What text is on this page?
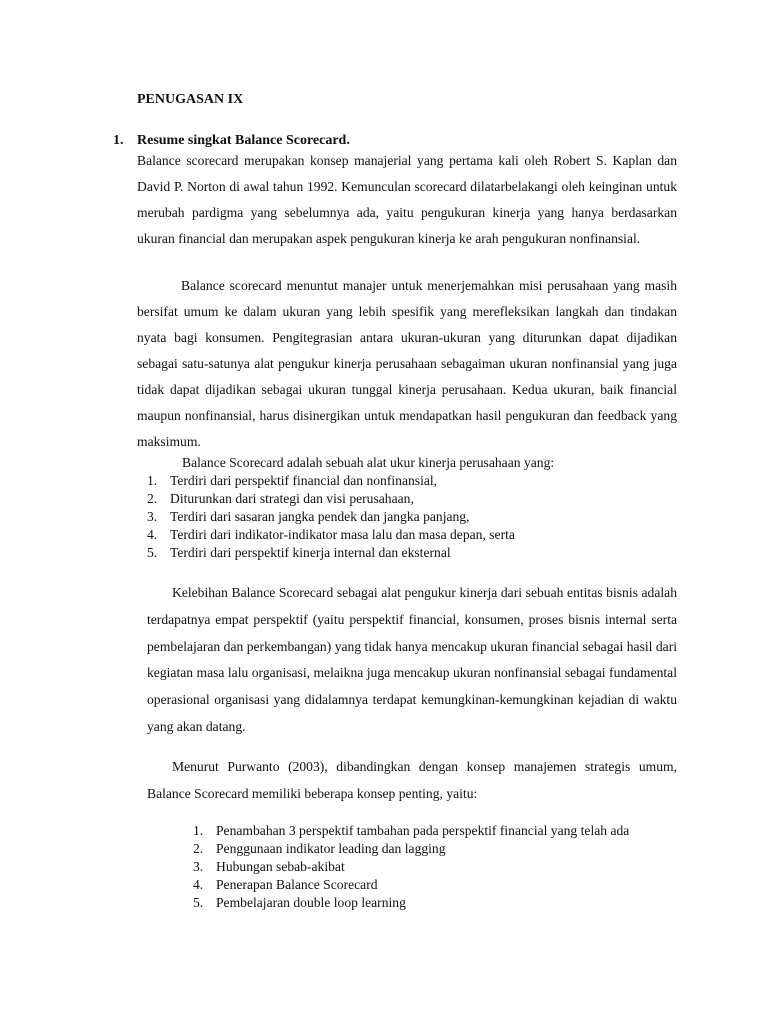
PENUGASAN IX
1. Resume singkat Balance Scorecard.

Balance scorecard merupakan konsep manajerial yang pertama kali oleh Robert S. Kaplan dan David P. Norton di awal tahun 1992. Kemunculan scorecard dilatarbelakangi oleh keinginan untuk merubah pardigma yang sebelumnya ada, yaitu pengukuran kinerja yang hanya berdasarkan ukuran financial dan merupakan aspek pengukuran kinerja ke arah pengukuran nonfinansial.

Balance scorecard menuntut manajer untuk menerjemahkan misi perusahaan yang masih bersifat umum ke dalam ukuran yang lebih spesifik yang merefleksikan langkah dan tindakan nyata bagi konsumen. Pengitegrasian antara ukuran-ukuran yang diturunkan dapat dijadikan sebagai satu-satunya alat pengukur kinerja perusahaan sebagaiman ukuran nonfinansial yang juga tidak dapat dijadikan sebagai ukuran tunggal kinerja perusahaan. Kedua ukuran, baik financial maupun nonfinansial, harus disinergikan untuk mendapatkan hasil pengukuran dan feedback yang maksimum.

Balance Scorecard adalah sebuah alat ukur kinerja perusahaan yang:
1. Terdiri dari perspektif financial dan nonfinansial,
2. Diturunkan dari strategi dan visi perusahaan,
3. Terdiri dari sasaran jangka pendek dan jangka panjang,
4. Terdiri dari indikator-indikator masa lalu dan masa depan, serta
5. Terdiri dari perspektif kinerja internal dan eksternal

Kelebihan Balance Scorecard sebagai alat pengukur kinerja dari sebuah entitas bisnis adalah terdapatnya empat perspektif (yaitu perspektif financial, konsumen, proses bisnis internal serta pembelajaran dan perkembangan) yang tidak hanya mencakup ukuran financial sebagai hasil dari kegiatan masa lalu organisasi, melaikna juga mencakup ukuran nonfinansial sebagai fundamental operasional organisasi yang didalamnya terdapat kemungkinan-kemungkinan kejadian di waktu yang akan datang.

Menurut Purwanto (2003), dibandingkan dengan konsep manajemen strategis umum, Balance Scorecard memiliki beberapa konsep penting, yaitu:

1. Penambahan 3 perspektif tambahan pada perspektif financial yang telah ada
2. Penggunaan indikator leading dan lagging
3. Hubungan sebab-akibat
4. Penerapan Balance Scorecard
5. Pembelajaran double loop learning
